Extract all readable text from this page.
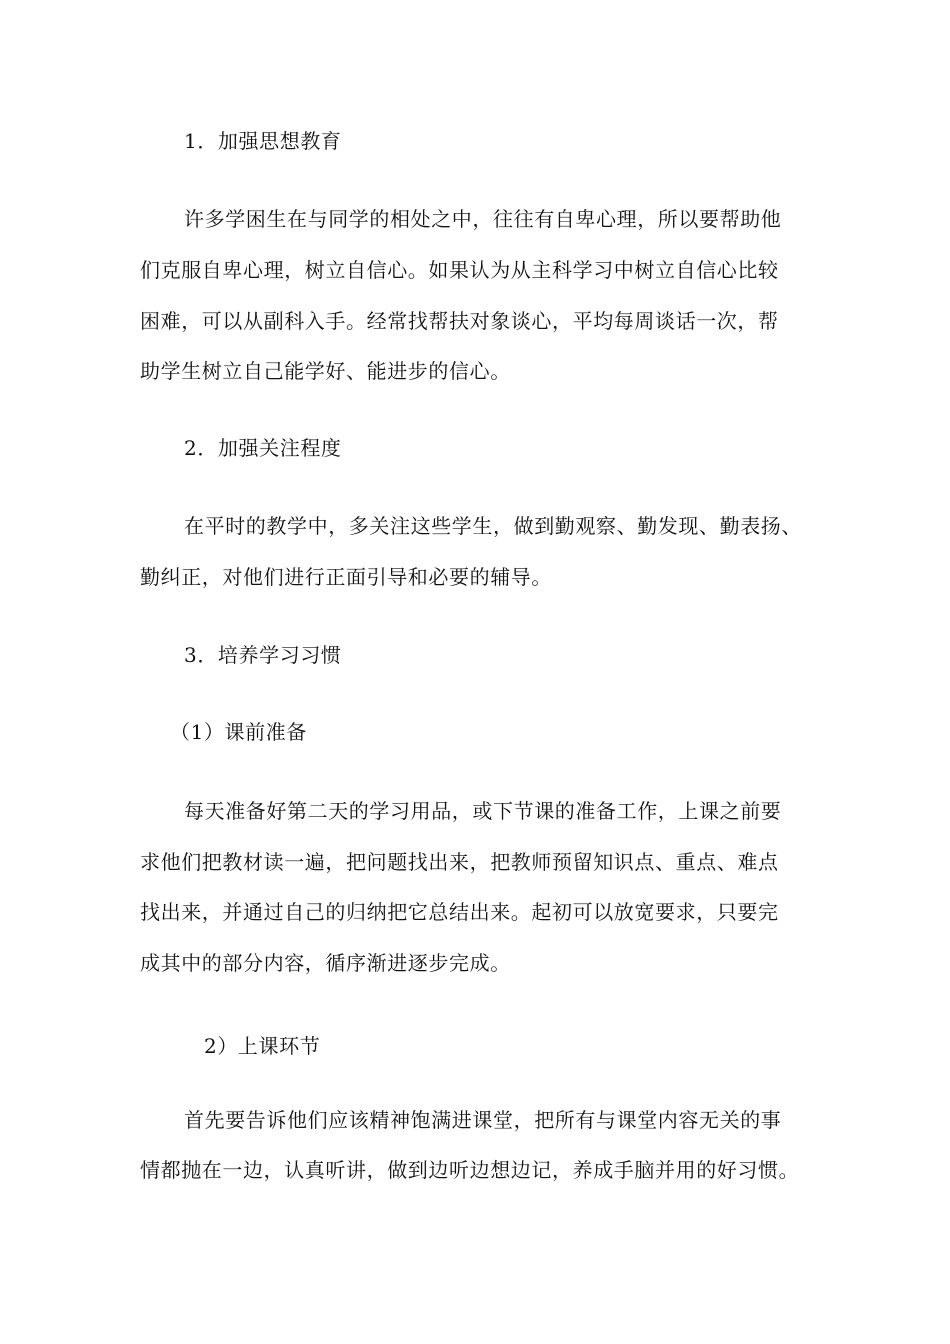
1．加强思想教育
许多学困生在与同学的相处之中，往往有自卑心理，所以要帮助他
们克服自卑心理，树立自信心。如果认为从主科学习中树立自信心比较
困难，可以从副科入手。经常找帮扶对象谈心，平均每周谈话一次，帮
助学生树立自己能学好、能进步的信心。
2．加强关注程度
在平时的教学中，多关注这些学生，做到勤观察、勤发现、勤表扬、
勤纠正，对他们进行正面引导和必要的辅导。
3．培养学习习惯
（1）课前准备
每天准备好第二天的学习用品，或下节课的准备工作，上课之前要
求他们把教材读一遍，把问题找出来，把教师预留知识点、重点、难点
找出来，并通过自己的归纳把它总结出来。起初可以放宽要求，只要完
成其中的部分内容，循序渐进逐步完成。
2）上课环节
首先要告诉他们应该精神饱满进课堂，把所有与课堂内容无关的事
情都抛在一边，认真听讲，做到边听边想边记，养成手脑并用的好习惯。
